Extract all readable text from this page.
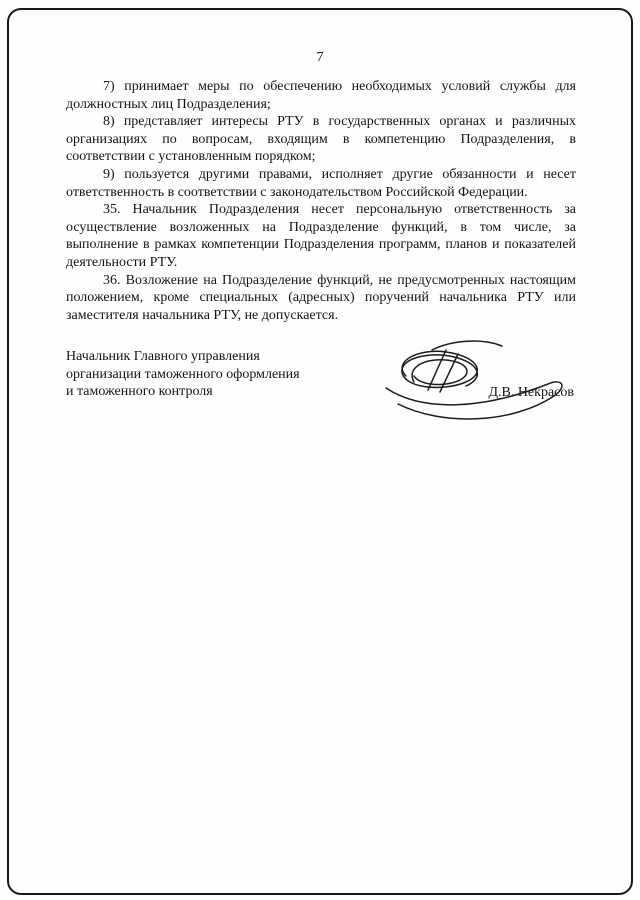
7

7) принимает меры по обеспечению необходимых условий службы для должностных лиц Подразделения;

8) представляет интересы РТУ в государственных органах и различных организациях по вопросам, входящим в компетенцию Подразделения, в соответствии с установленным порядком;

9) пользуется другими правами, исполняет другие обязанности и несет ответственность в соответствии с законодательством Российской Федерации.

35. Начальник Подразделения несет персональную ответственность за осуществление возложенных на Подразделение функций, в том числе, за выполнение в рамках компетенции Подразделения программ, планов и показателей деятельности РТУ.

36. Возложение на Подразделение функций, не предусмотренных настоящим положением, кроме специальных (адресных) поручений начальника РТУ или заместителя начальника РТУ, не допускается.

Начальник Главного управления
организации таможенного оформления
и таможенного контроля	Д.В. Некрасов
